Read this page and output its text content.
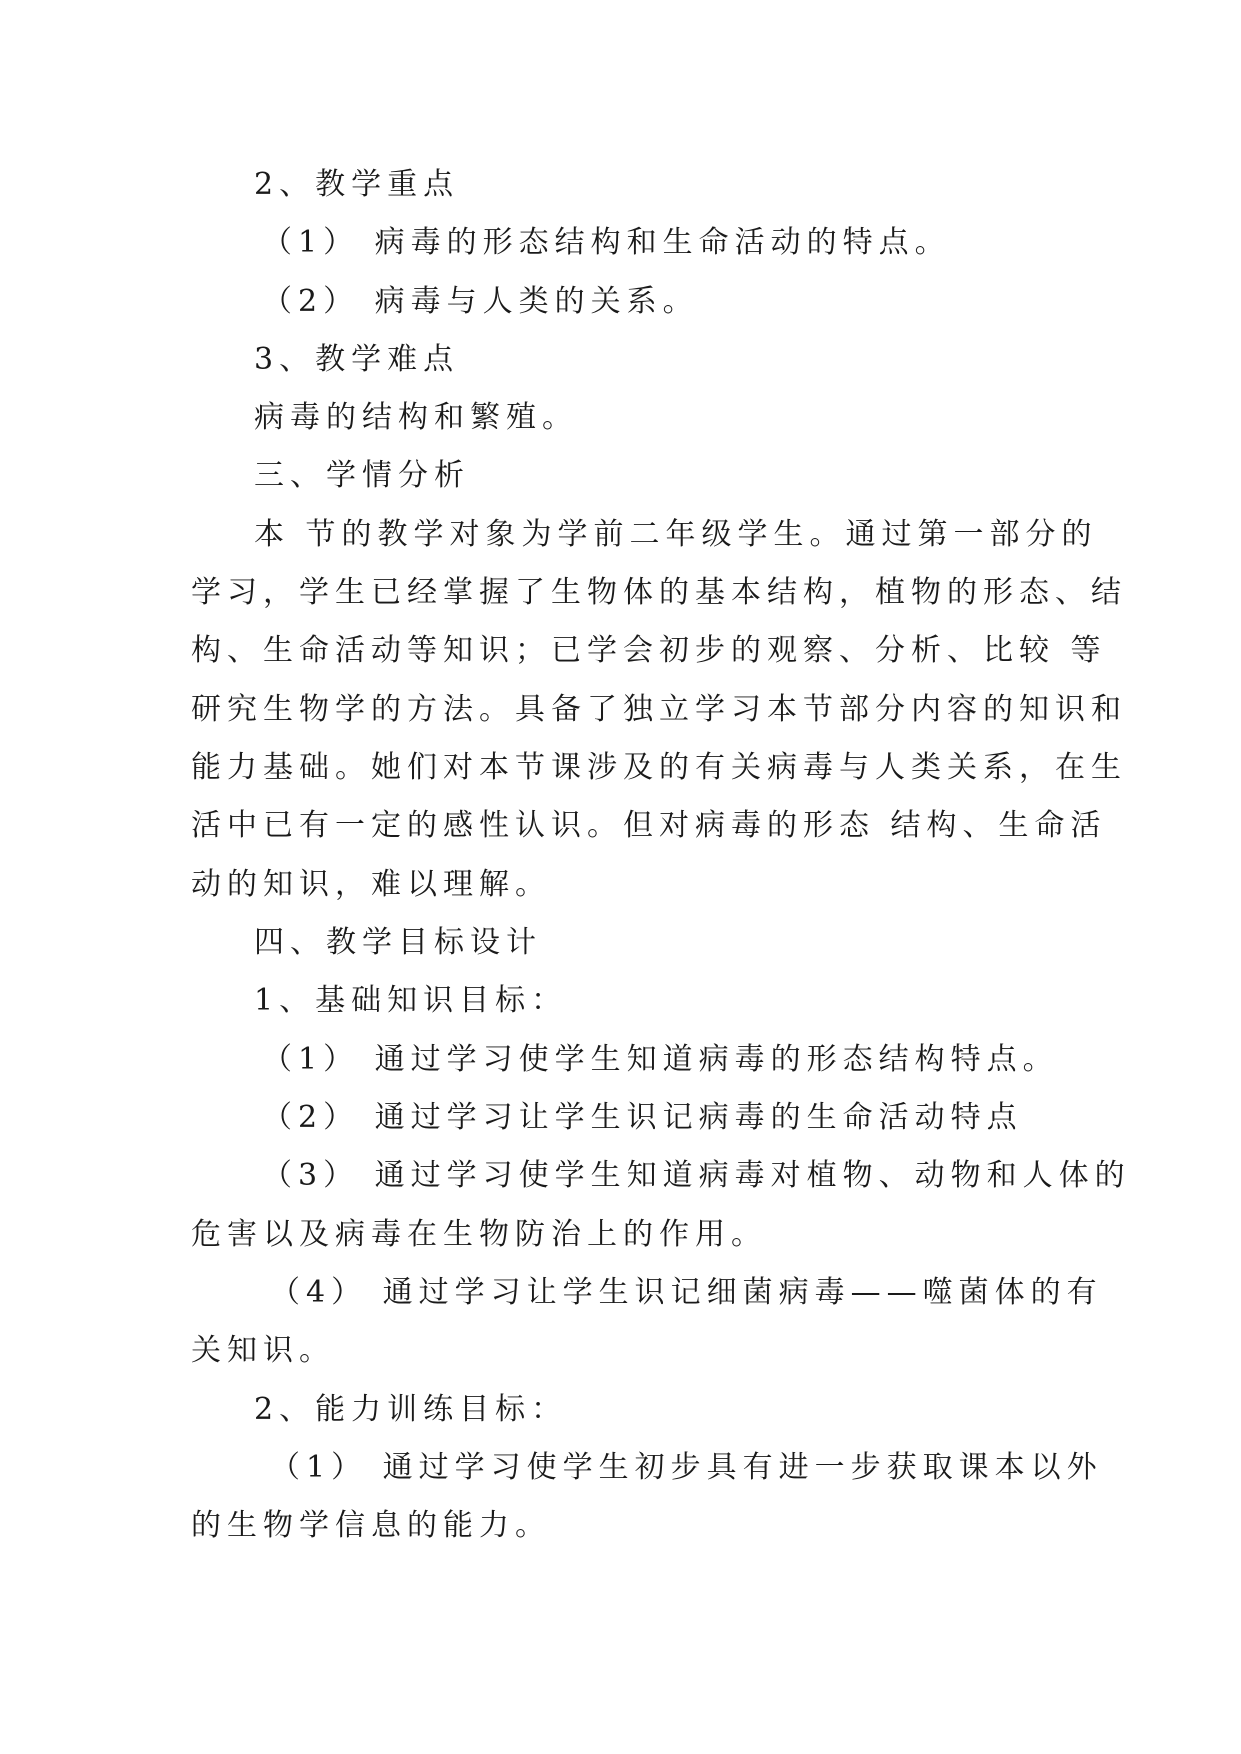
2、教学重点
（1） 病毒的形态结构和生命活动的特点。
（2） 病毒与人类的关系。
3、教学难点
病毒的结构和繁殖。
三、学情分析
本 节的教学对象为学前二年级学生。通过第一部分的
学习，学生已经掌握了生物体的基本结构，植物的形态、结
构、生命活动等知识；已学会初步的观察、分析、比较 等
研究生物学的方法。具备了独立学习本节部分内容的知识和
能力基础。她们对本节课涉及的有关病毒与人类关系，在生
活中已有一定的感性认识。但对病毒的形态 结构、生命活
动的知识，难以理解。
四、教学目标设计
1、基础知识目标：
（1） 通过学习使学生知道病毒的形态结构特点。
（2） 通过学习让学生识记病毒的生命活动特点
（3） 通过学习使学生知道病毒对植物、动物和人体的
危害以及病毒在生物防治上的作用。
（4） 通过学习让学生识记细菌病毒——噬菌体的有
关知识。
2、能力训练目标：
（1） 通过学习使学生初步具有进一步获取课本以外
的生物学信息的能力。
